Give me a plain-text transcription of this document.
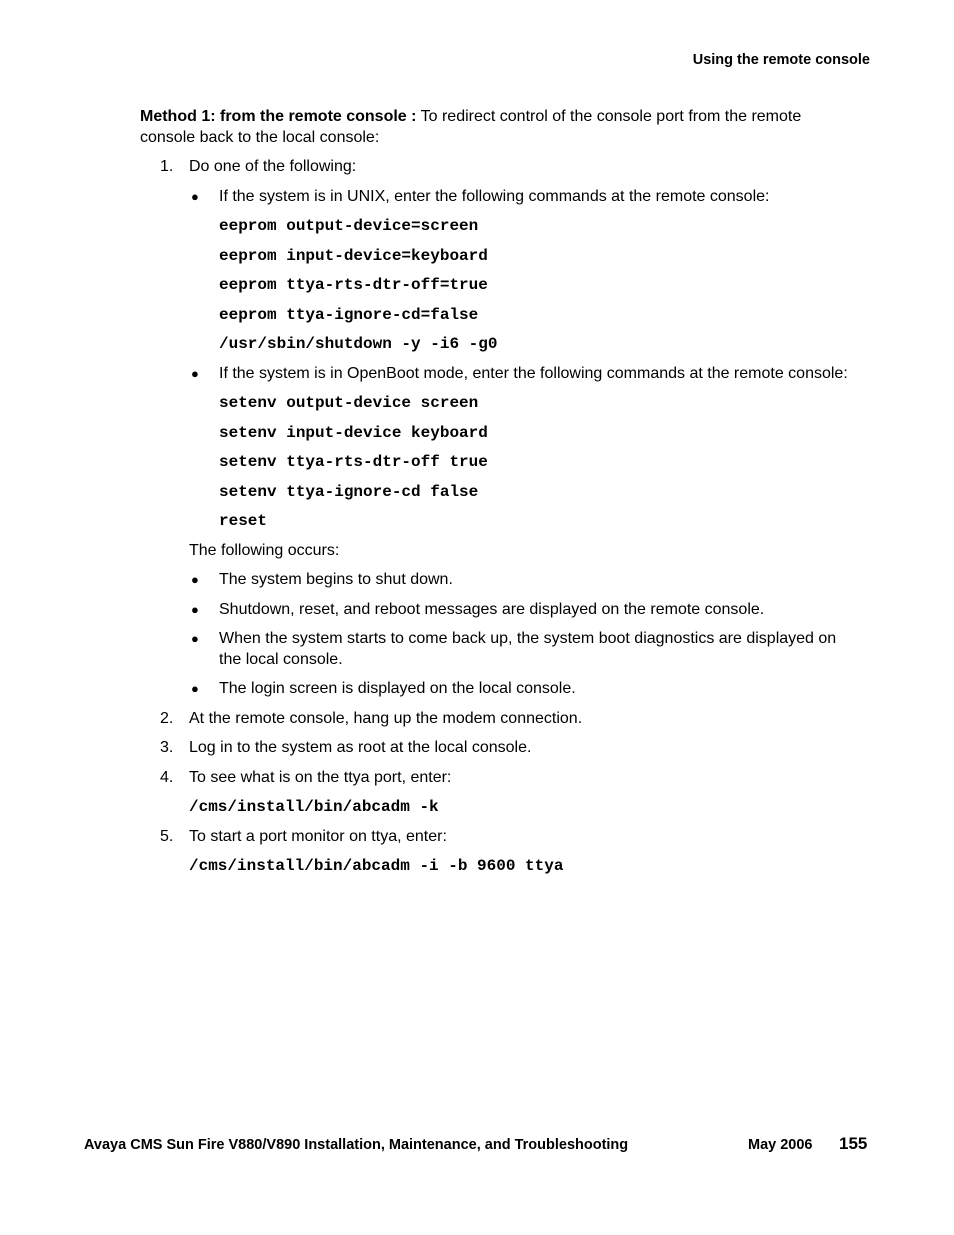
Using the remote console

Method 1: from the remote console : To redirect control of the console port from the remote console back to the local console:

1. Do one of the following:
● If the system is in UNIX, enter the following commands at the remote console:
eeprom output-device=screen
eeprom input-device=keyboard
eeprom ttya-rts-dtr-off=true
eeprom ttya-ignore-cd=false
/usr/sbin/shutdown -y -i6 -g0
● If the system is in OpenBoot mode, enter the following commands at the remote console:
setenv output-device screen
setenv input-device keyboard
setenv ttya-rts-dtr-off true
setenv ttya-ignore-cd false
reset
The following occurs:
● The system begins to shut down.
● Shutdown, reset, and reboot messages are displayed on the remote console.
● When the system starts to come back up, the system boot diagnostics are displayed on the local console.
● The login screen is displayed on the local console.
2. At the remote console, hang up the modem connection.
3. Log in to the system as root at the local console.
4. To see what is on the ttya port, enter:
/cms/install/bin/abcadm -k
5. To start a port monitor on ttya, enter:
/cms/install/bin/abcadm -i -b 9600 ttya
Avaya CMS Sun Fire V880/V890 Installation, Maintenance, and Troubleshooting	May 2006 155
